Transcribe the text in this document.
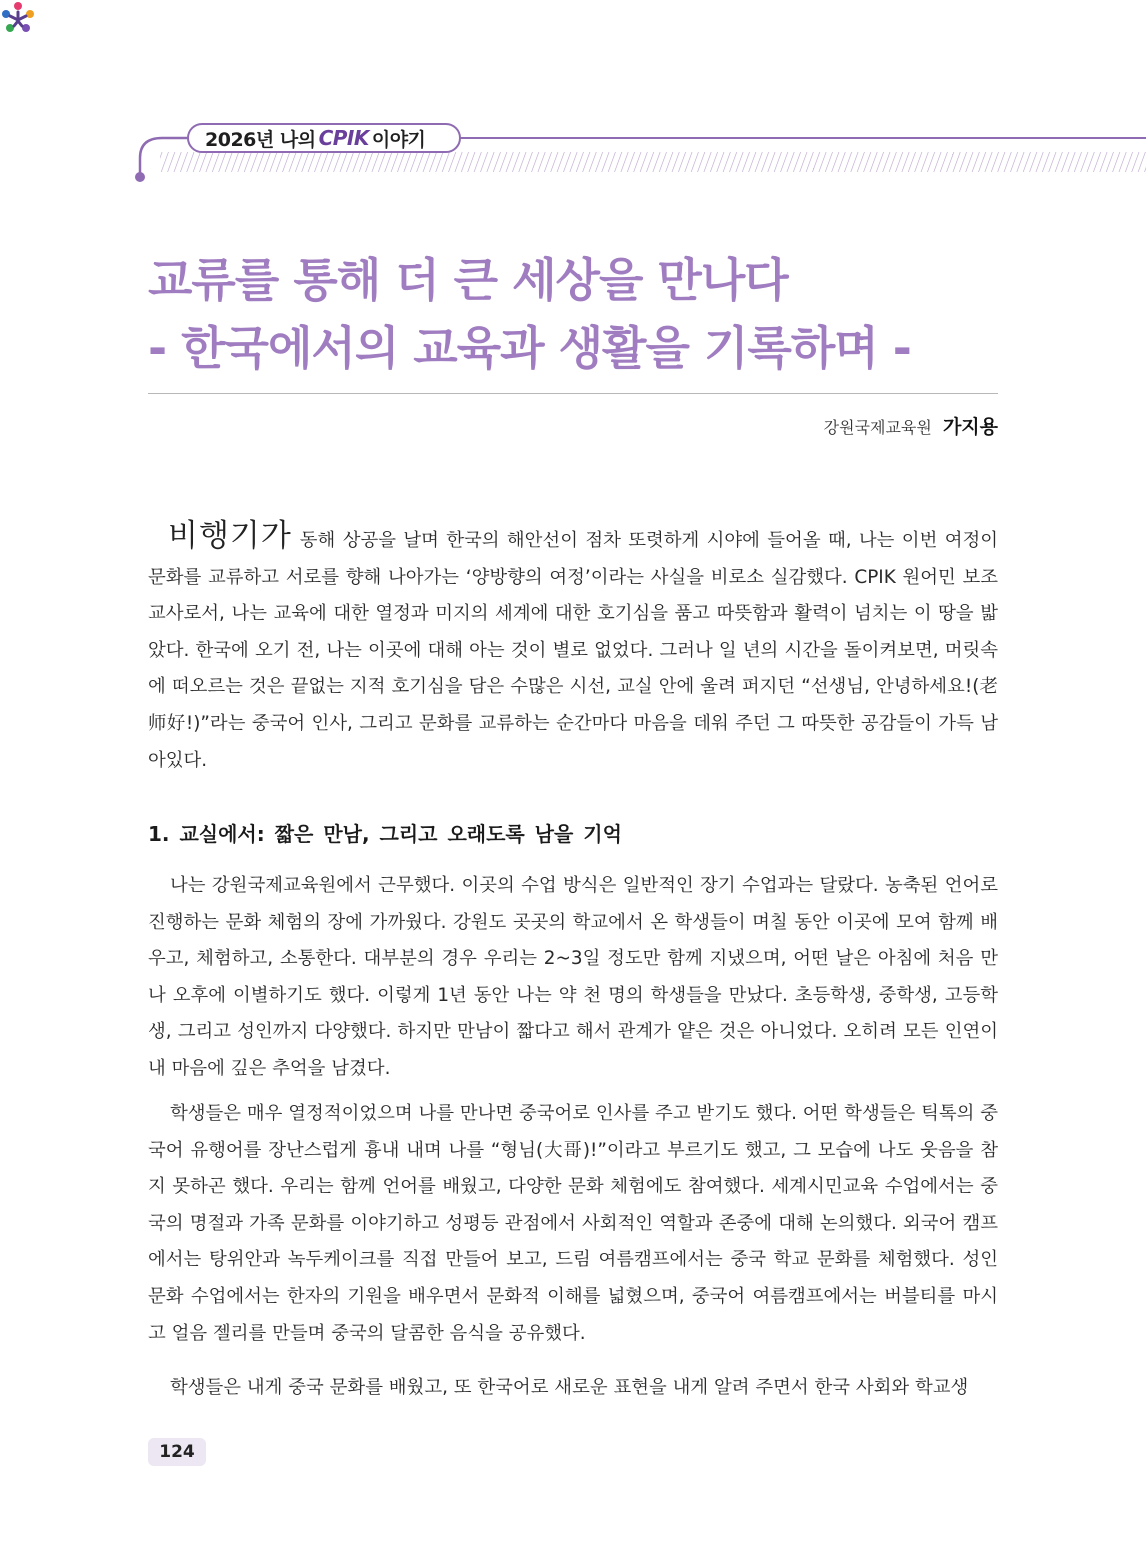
2026년 나의 CPIK 이야기
교류를 통해 더 큰 세상을 만나다
- 한국에서의 교육과 생활을 기록하며 -
강원국제교육원 가지용

비행기가 동해 상공을 날며 한국의 해안선이 점차 또렷하게 시야에 들어올 때, 나는 이번 여정이 문화를 교류하고 서로를 향해 나아가는 ‘양방향의 여정’이라는 사실을 비로소 실감했다. CPIK 원어민 보조교사로서, 나는 교육에 대한 열정과 미지의 세계에 대한 호기심을 품고 따뜻함과 활력이 넘치는 이 땅을 밟았다. 한국에 오기 전, 나는 이곳에 대해 아는 것이 별로 없었다. 그러나 일 년의 시간을 돌이켜보면, 머릿속에 떠오르는 것은 끝없는 지적 호기심을 담은 수많은 시선, 교실 안에 울려 퍼지던 “선생님, 안녕하세요!(老师好!)”라는 중국어 인사, 그리고 문화를 교류하는 순간마다 마음을 데워 주던 그 따뜻한 공감들이 가득 남아있다.

1. 교실에서: 짧은 만남, 그리고 오래도록 남을 기억

나는 강원국제교육원에서 근무했다. 이곳의 수업 방식은 일반적인 장기 수업과는 달랐다. 농축된 언어로 진행하는 문화 체험의 장에 가까웠다. 강원도 곳곳의 학교에서 온 학생들이 며칠 동안 이곳에 모여 함께 배우고, 체험하고, 소통한다. 대부분의 경우 우리는 2~3일 정도만 함께 지냈으며, 어떤 날은 아침에 처음 만나 오후에 이별하기도 했다. 이렇게 1년 동안 나는 약 천 명의 학생들을 만났다. 초등학생, 중학생, 고등학생, 그리고 성인까지 다양했다. 하지만 만남이 짧다고 해서 관계가 얕은 것은 아니었다. 오히려 모든 인연이 내 마음에 깊은 추억을 남겼다.

학생들은 매우 열정적이었으며 나를 만나면 중국어로 인사를 주고 받기도 했다. 어떤 학생들은 틱톡의 중국어 유행어를 장난스럽게 흉내 내며 나를 “형님(大哥)!”이라고 부르기도 했고, 그 모습에 나도 웃음을 참지 못하곤 했다. 우리는 함께 언어를 배웠고, 다양한 문화 체험에도 참여했다. 세계시민교육 수업에서는 중국의 명절과 가족 문화를 이야기하고 성평등 관점에서 사회적인 역할과 존중에 대해 논의했다. 외국어 캠프에서는 탕위안과 녹두케이크를 직접 만들어 보고, 드림 여름캠프에서는 중국 학교 문화를 체험했다. 성인 문화 수업에서는 한자의 기원을 배우면서 문화적 이해를 넓혔으며, 중국어 여름캠프에서는 버블티를 마시고 얼음 젤리를 만들며 중국의 달콤한 음식을 공유했다.

학생들은 내게 중국 문화를 배웠고, 또 한국어로 새로운 표현을 내게 알려 주면서 한국 사회와 학교생

124
